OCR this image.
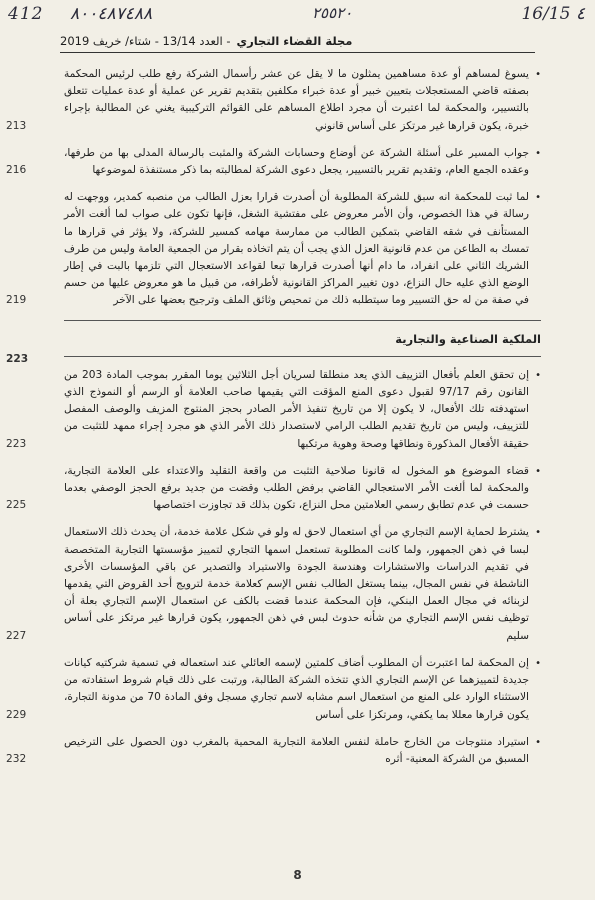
412 ٨٠٠٤٨٧٤٨٨	٢٥٥٢٠	16/15 ٤
مجلة القضاء التجاري
- العدد 13/14 - شتاء/ خريف 2019
•

يسوغ لمساهم أو عدة مساهمين يمثلون ما لا يقل عن عشر رأسمال الشركة رفع طلب لرئيس المحكمة بصفته قاضي المستعجلات بتعيين خبير أو عدة خبراء مكلفين بتقديم تقرير عن عملية أو عدة عمليات تتعلق بالتسيير، والمحكمة لما اعتبرت أن مجرد اطلاع المساهم على القوائم التركيبية يغني عن المطالبة بإجراء خبرة، يكون قرارها غير مرتكز على أساس قانوني

213
•

جواب المسير على أسئلة الشركة عن أوضاع وحسابات الشركة والمثبت بالرسالة المدلى بها من طرفها، وعقده الجمع العام، وتقديم تقرير بالتسيير، يجعل دعوى الشركة لمطالبته بما ذكر مستنفذة لموضوعها

216
•

لما ثبت للمحكمة انه سبق للشركة المطلوبة أن أصدرت قرارا بعزل الطالب من منصبه كمدير، ووجهت له رسالة في هذا الخصوص، وأن الأمر معروض على مفتشية الشغل، فإنها تكون على صواب لما ألغت الأمر المستأنف في شقه القاضي بتمكين الطالب من ممارسة مهامه كمسير للشركة، ولا يؤثر في قرارها ما تمسك به الطاعن من عدم قانونية العزل الذي يجب أن يتم اتخاذه بقرار من الجمعية العامة وليس من طرف الشريك الثاني على انفراد، ما دام أنها أصدرت قرارها تبعا لقواعد الاستعجال التي تلزمها بالبت في إطار الوضع الذي عليه حال النزاع، دون تغيير المراكز القانونية لأطرافه، من قبيل ما هو معروض عليها من حسم في صفة من له حق التسيير وما سيتطلبه ذلك من تمحيص وثائق الملف وترجيح بعضها على الآخر

219
الملكية الصناعية والتجارية
223
•

إن تحقق العلم بأفعال التزييف الذي يعد منطلقا لسريان أجل الثلاثين يوما المقرر بموجب المادة 203 من القانون رقم 97/17 لقبول دعوى المنع المؤقت التي يقيمها صاحب العلامة أو الرسم أو النموذج الذي استهدفته تلك الأفعال، لا يكون إلا من تاريخ تنفيذ الأمر الصادر بحجز المنتوج المزيف والوصف المفصل للتزييف، وليس من تاريخ تقديم الطلب الرامي لاستصدار ذلك الأمر الذي هو مجرد إجراء ممهد للتثبت من حقيقة الأفعال المذكورة ونطاقها وصحة وهوية مرتكبها

223
•

قضاء الموضوع هو المخول له قانونا صلاحية التثبت من واقعة التقليد والاعتداء على العلامة التجارية، والمحكمة لما ألغت الأمر الاستعجالي القاضي برفض الطلب وقضت من جديد برفع الحجز الوصفي بعدما حسمت في عدم تطابق رسمي العلامتين محل النزاع، تكون بذلك قد تجاوزت اختصاصها

225
•

يشترط لحماية الإسم التجاري من أي استعمال لاحق له ولو في شكل علامة خدمة، أن يحدث ذلك الاستعمال لبسا في ذهن الجمهور، ولما كانت المطلوبة تستعمل اسمها التجاري لتمييز مؤسستها التجارية المتخصصة في تقديم الدراسات والاستشارات وهندسة الجودة والاستيراد والتصدير عن باقي المؤسسات الأخرى الناشطة في نفس المجال، بينما يستغل الطالب نفس الإسم كعلامة خدمة لترويج أحد القروض التي يقدمها لزبنائه في مجال العمل البنكي، فإن المحكمة عندما قضت بالكف عن استعمال الإسم التجاري بعلة أن توظيف نفس الإسم التجاري من شأنه حدوث لبس في ذهن الجمهور، يكون قرارها غير مرتكز على أساس سليم

227
•

إن المحكمة لما اعتبرت أن المطلوب أضاف كلمتين لإسمه العائلي عند استعماله في تسمية شركتيه كيانات جديدة لتمييزهما عن الإسم التجاري الذي تتخذه الشركة الطالبة، ورتبت على ذلك قيام شروط استفادته من الاستثناء الوارد على المنع من استعمال اسم مشابه لاسم تجاري مسجل وفق المادة 70 من مدونة التجارة، يكون قرارها معللا بما يكفي، ومرتكزا على أساس

229
•

استيراد منتوجات من الخارج حاملة لنفس العلامة التجارية المحمية بالمغرب دون الحصول على الترخيص المسبق من الشركة المعنية- أثره

232
8
